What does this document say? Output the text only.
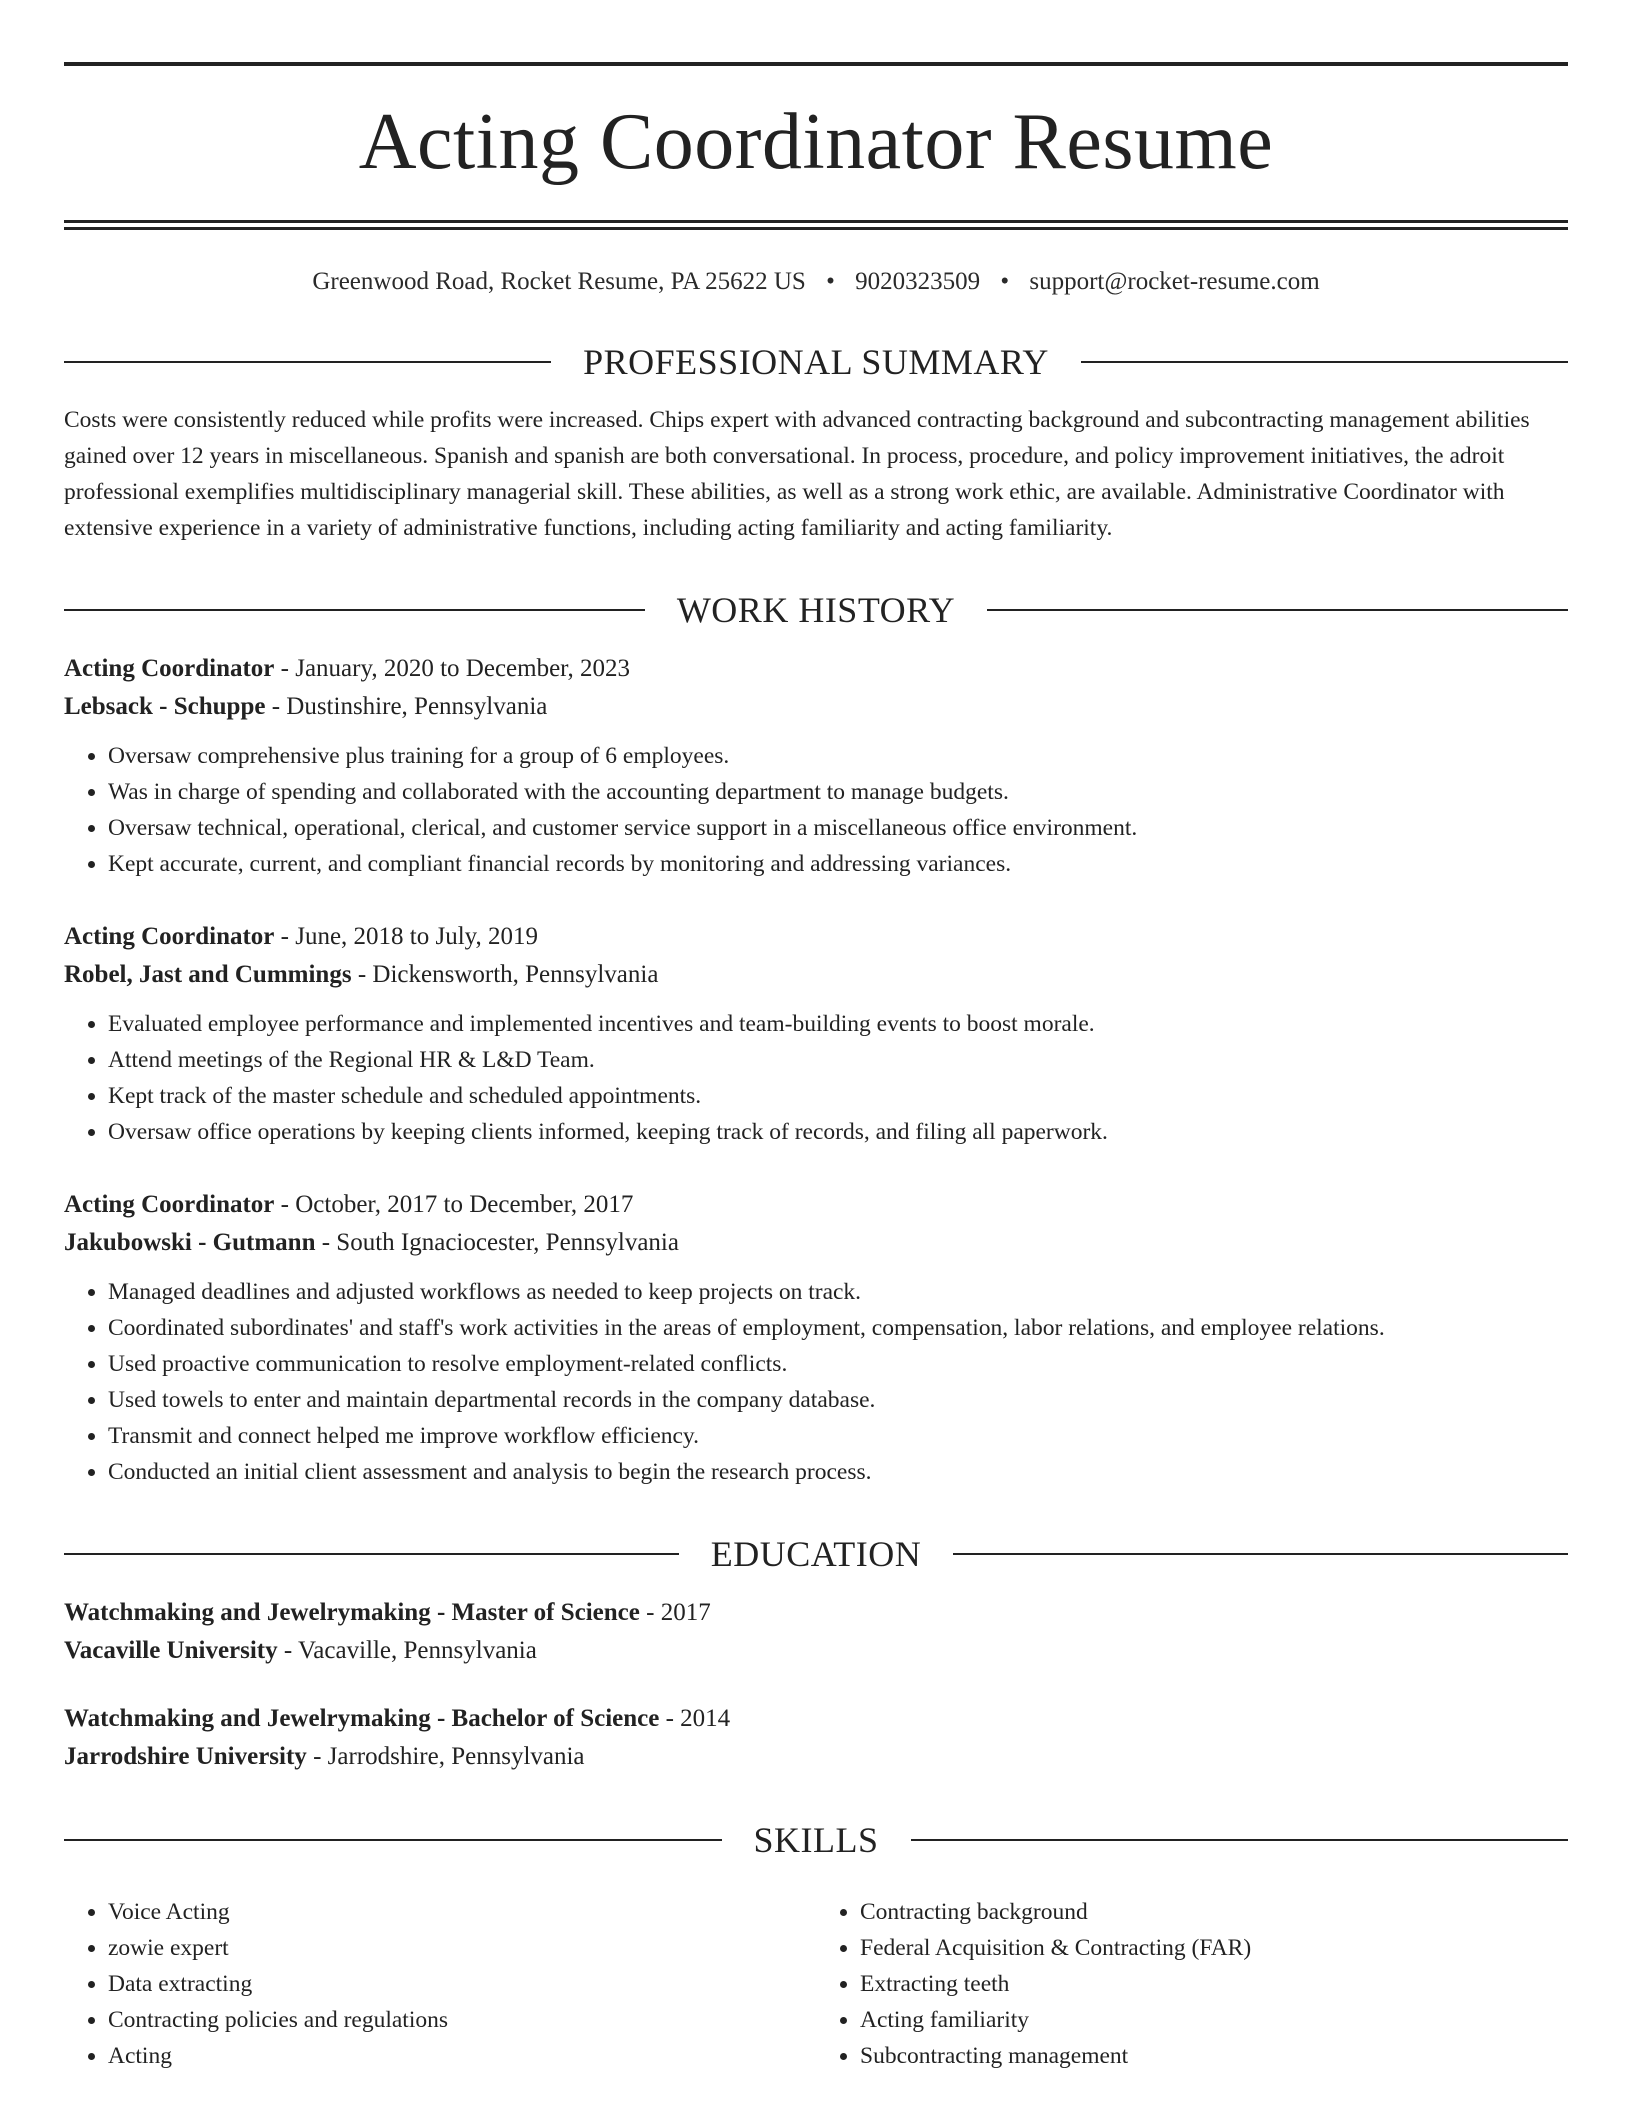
Acting Coordinator Resume
Greenwood Road, Rocket Resume, PA 25622 US • 9020323509 • support@rocket-resume.com
PROFESSIONAL SUMMARY

Costs were consistently reduced while profits were increased. Chips expert with advanced contracting background and subcontracting management abilities gained over 12 years in miscellaneous. Spanish and spanish are both conversational. In process, procedure, and policy improvement initiatives, the adroit professional exemplifies multidisciplinary managerial skill. These abilities, as well as a strong work ethic, are available. Administrative Coordinator with extensive experience in a variety of administrative functions, including acting familiarity and acting familiarity.

WORK HISTORY
Acting Coordinator - January, 2020 to December, 2023
Lebsack - Schuppe - Dustinshire, Pennsylvania
• Oversaw comprehensive plus training for a group of 6 employees.
• Was in charge of spending and collaborated with the accounting department to manage budgets.
• Oversaw technical, operational, clerical, and customer service support in a miscellaneous office environment.
• Kept accurate, current, and compliant financial records by monitoring and addressing variances.
Acting Coordinator - June, 2018 to July, 2019
Robel, Jast and Cummings - Dickensworth, Pennsylvania
• Evaluated employee performance and implemented incentives and team-building events to boost morale.
• Attend meetings of the Regional HR & L&D Team.
• Kept track of the master schedule and scheduled appointments.
• Oversaw office operations by keeping clients informed, keeping track of records, and filing all paperwork.
Acting Coordinator - October, 2017 to December, 2017
Jakubowski - Gutmann - South Ignaciocester, Pennsylvania
• Managed deadlines and adjusted workflows as needed to keep projects on track.
• Coordinated subordinates' and staff's work activities in the areas of employment, compensation, labor relations, and employee relations.
• Used proactive communication to resolve employment-related conflicts.
• Used towels to enter and maintain departmental records in the company database.
• Transmit and connect helped me improve workflow efficiency.
• Conducted an initial client assessment and analysis to begin the research process.
EDUCATION
Watchmaking and Jewelrymaking - Master of Science - 2017
Vacaville University - Vacaville, Pennsylvania
Watchmaking and Jewelrymaking - Bachelor of Science - 2014
Jarrodshire University - Jarrodshire, Pennsylvania
SKILLS
• Voice Acting
• zowie expert
• Data extracting
• Contracting policies and regulations
• Acting
• Contracting background
• Federal Acquisition & Contracting (FAR)
• Extracting teeth
• Acting familiarity
• Subcontracting management
